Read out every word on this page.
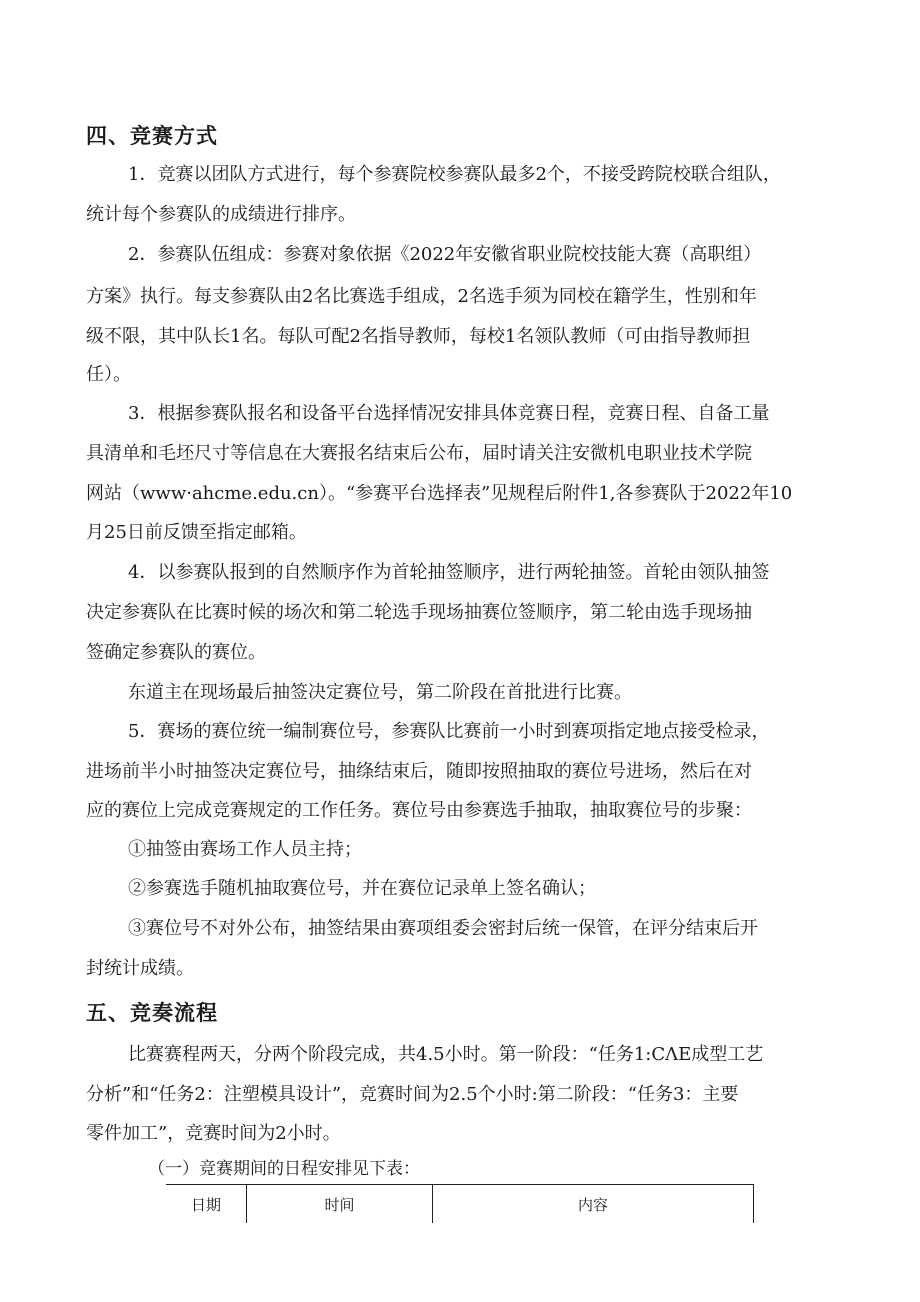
四、竞赛方式
1．竞赛以团队方式进行，每个参赛院校参赛队最多2个，不接受跨院校联合组队，
统计每个参赛队的成绩进行排序。
2．参赛队伍组成：参赛对象依据《2022年安徽省职业院校技能大赛（高职组）
方案》执行。每支参赛队由2名比赛选手组成，2名选手须为同校在籍学生，性别和年
级不限，其中队长1名。每队可配2名指导教师，每校1名领队教师（可由指导教师担
任）。
3．根据参赛队报名和设备平台选择情况安排具体竞赛日程，竞赛日程、自备工量
具清单和毛坯尺寸等信息在大赛报名结束后公布，届时请关注安微机电职业技术学院
网站（www·ahcme.edu.cn）。“参赛平台选择表”见规程后附件1,各参赛队于2022年10
月25日前反馈至指定邮箱。
4．以参赛队报到的自然顺序作为首轮抽签顺序，进行两轮抽签。首轮由领队抽签
决定参赛队在比赛时候的场次和第二轮选手现场抽赛位签顺序，第二轮由选手现场抽
签确定参赛队的赛位。
东道主在现场最后抽签决定赛位号，第二阶段在首批进行比赛。
5．赛场的赛位统一编制赛位号，参赛队比赛前一小时到赛项指定地点接受检录，
进场前半小时抽签决定赛位号，抽绦结束后，随即按照抽取的赛位号进场，然后在对
应的赛位上完成竞赛规定的工作任务。赛位号由参赛选手抽取，抽取赛位号的步聚：
①抽签由赛场工作人员主持；
②参赛选手随机抽取赛位号，并在赛位记录单上签名确认；
③赛位号不对外公布，抽签结果由赛项组委会密封后统一保管，在评分结束后开
封统计成绩。
五、竞奏流程
比赛赛程两天，分两个阶段完成，共4.5小时。第一阶段：“任务1:CΛE成型工艺
分析”和“任务2：注塑模具设计”，竞赛时间为2.5个小时:第二阶段：“任务3：主要
零件加工”，竞赛时间为2小时。
（一）竞赛期间的日程安排见下表：
日期	时间	内容
